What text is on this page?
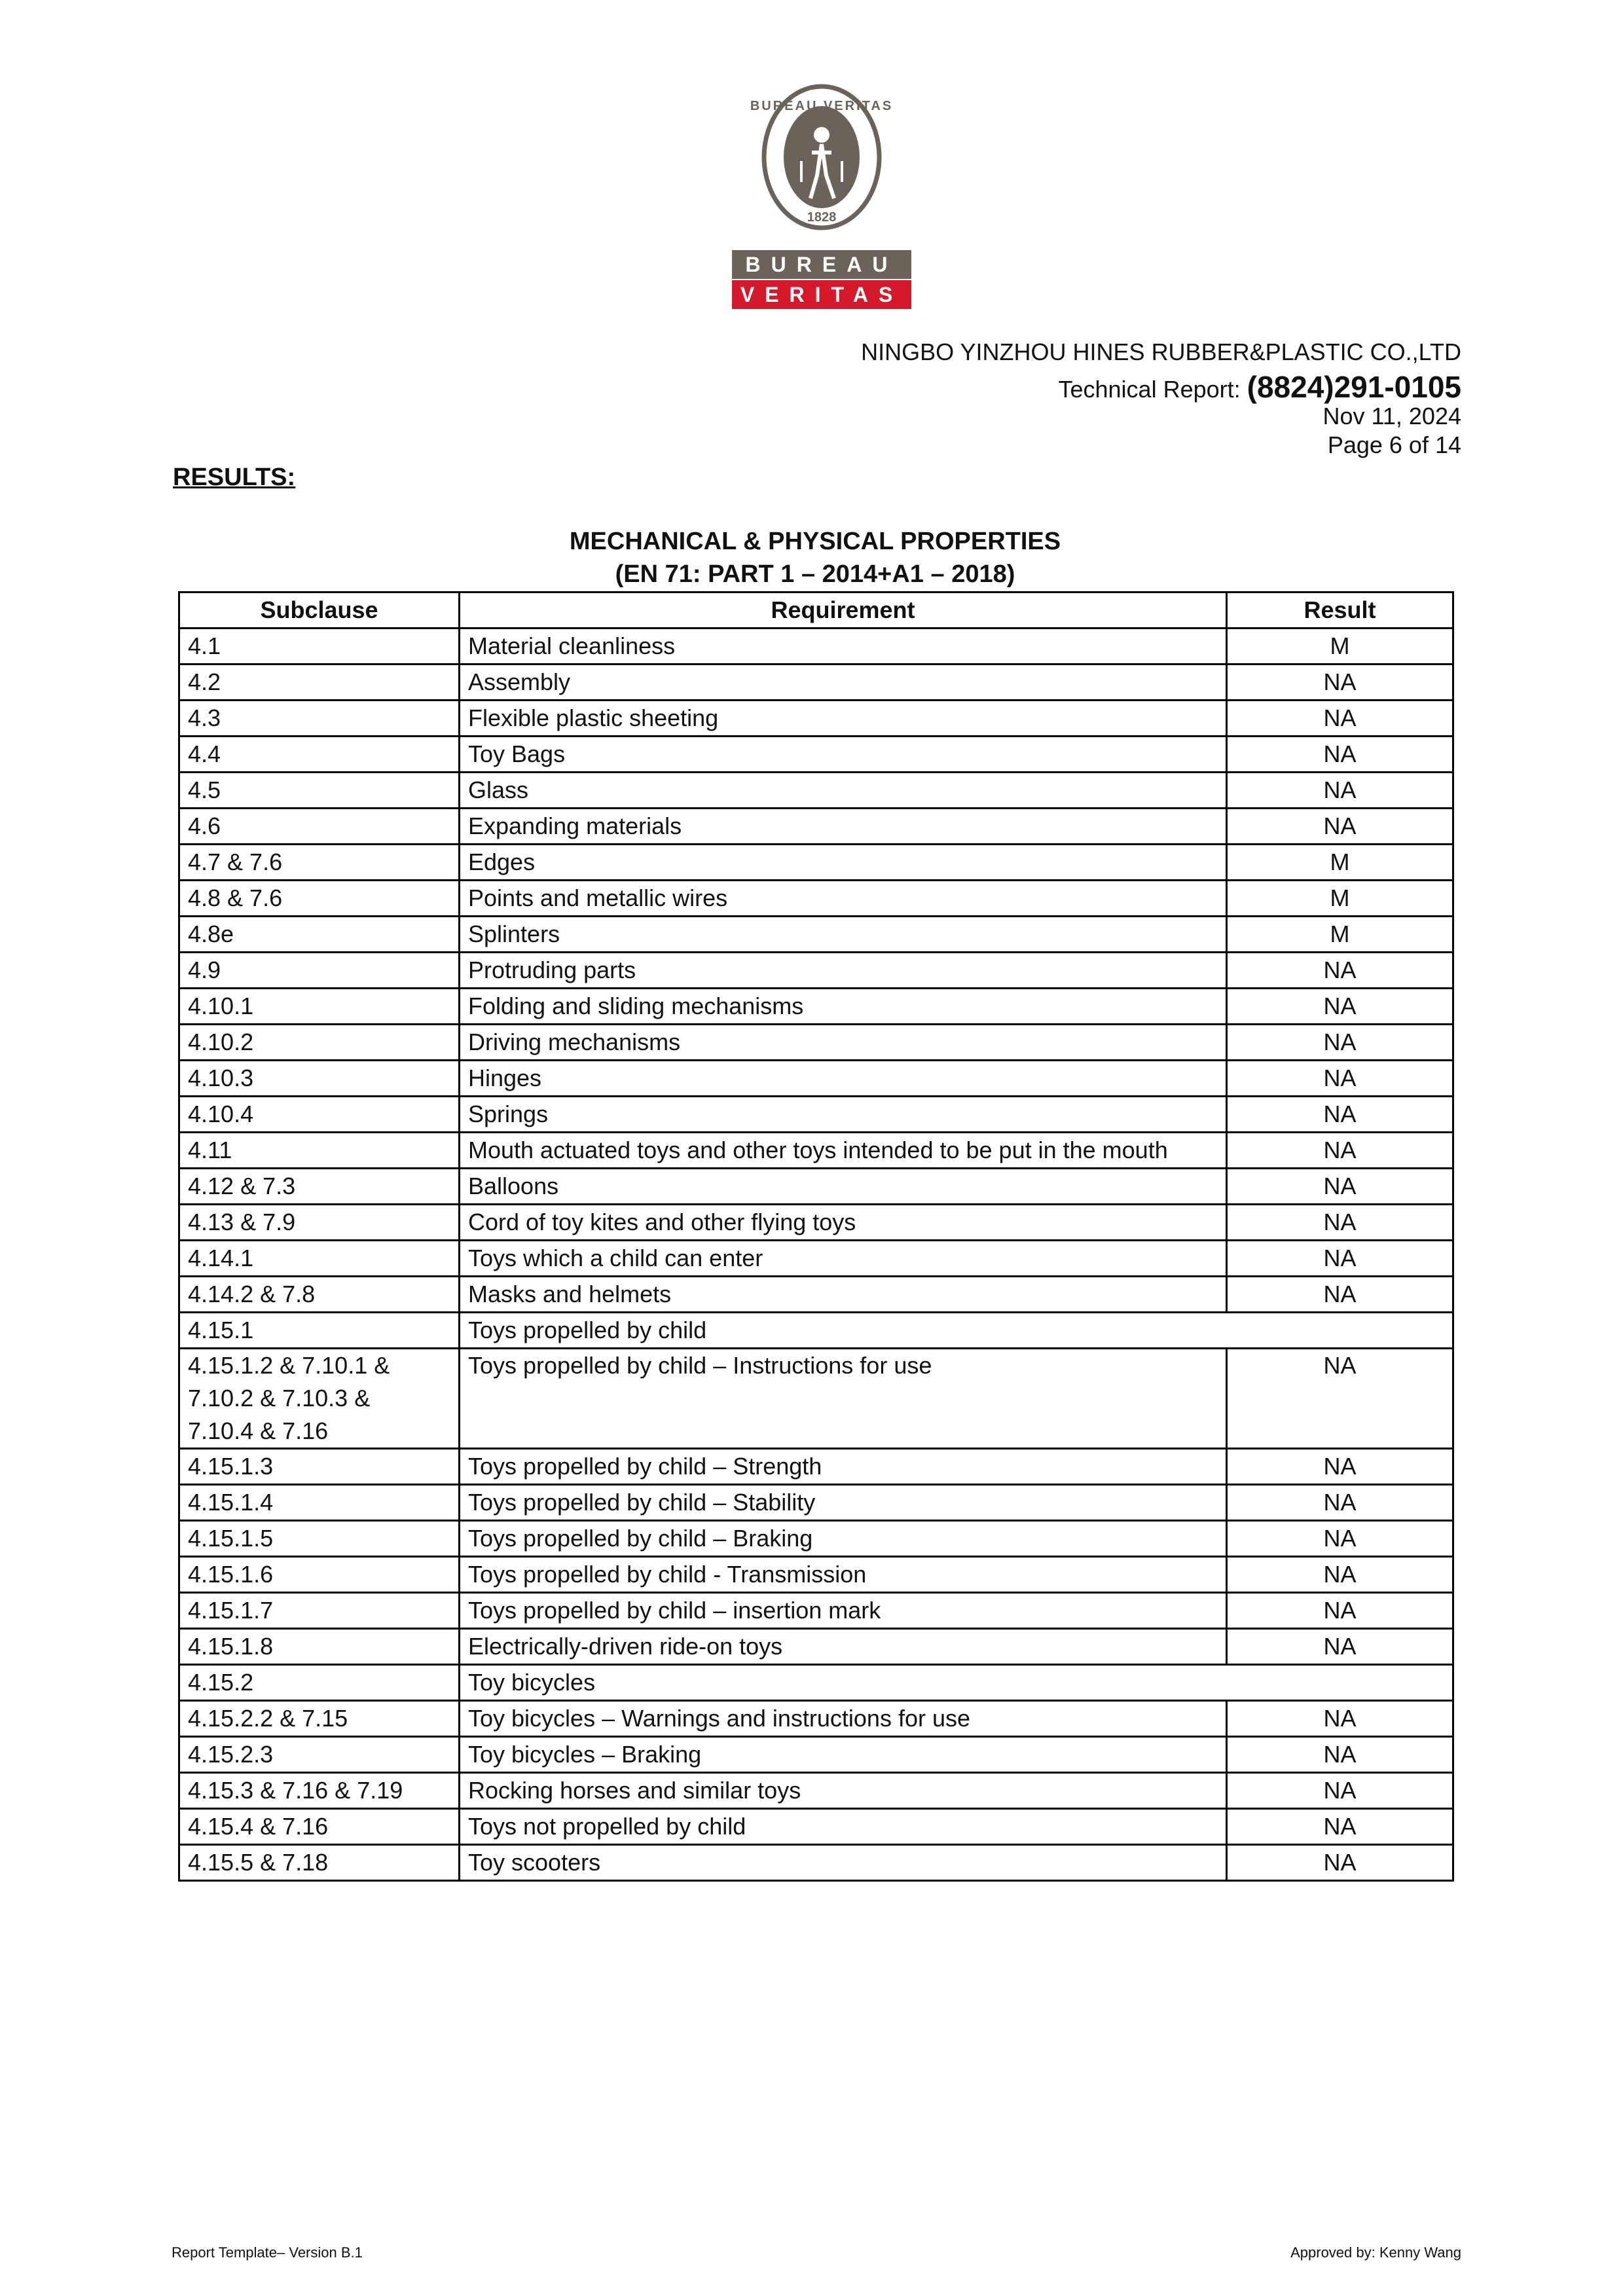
BUREAU VERITAS
1828
BUREAU
VERITAS
NINGBO YINZHOU HINES RUBBER&PLASTIC CO.,LTD
Technical Report: (8824)291-0105
Nov 11, 2024
Page 6 of 14
RESULTS:
MECHANICAL & PHYSICAL PROPERTIES
(EN 71: PART 1 – 2014+A1 – 2018)
Subclause	Requirement	Result
4.1	Material cleanliness	M
4.2	Assembly	NA
4.3	Flexible plastic sheeting	NA
4.4	Toy Bags	NA
4.5	Glass	NA
4.6	Expanding materials	NA
4.7 & 7.6	Edges	M
4.8 & 7.6	Points and metallic wires	M
4.8e	Splinters	M
4.9	Protruding parts	NA
4.10.1	Folding and sliding mechanisms	NA
4.10.2	Driving mechanisms	NA
4.10.3	Hinges	NA
4.10.4	Springs	NA
4.11	Mouth actuated toys and other toys intended to be put in the mouth	NA
4.12 & 7.3	Balloons	NA
4.13 & 7.9	Cord of toy kites and other flying toys	NA
4.14.1	Toys which a child can enter	NA
4.14.2 & 7.8	Masks and helmets	NA
4.15.1	Toys propelled by child	

4.15.1.2 & 7.10.1 &
7.10.2 & 7.10.3 &
7.10.4 & 7.16	Toys propelled by child – Instructions for use	NA
4.15.1.3	Toys propelled by child – Strength	NA
4.15.1.4	Toys propelled by child – Stability	NA
4.15.1.5	Toys propelled by child – Braking	NA
4.15.1.6	Toys propelled by child - Transmission	NA
4.15.1.7	Toys propelled by child – insertion mark	NA
4.15.1.8	Electrically-driven ride-on toys	NA
4.15.2	Toy bicycles	
4.15.2.2 & 7.15	Toy bicycles – Warnings and instructions for use	NA
4.15.2.3	Toy bicycles – Braking	NA
4.15.3 & 7.16 & 7.19	Rocking horses and similar toys	NA
4.15.4 & 7.16	Toys not propelled by child	NA
4.15.5 & 7.18	Toy scooters	NA
Report Template– Version B.1	Approved by: Kenny Wang
